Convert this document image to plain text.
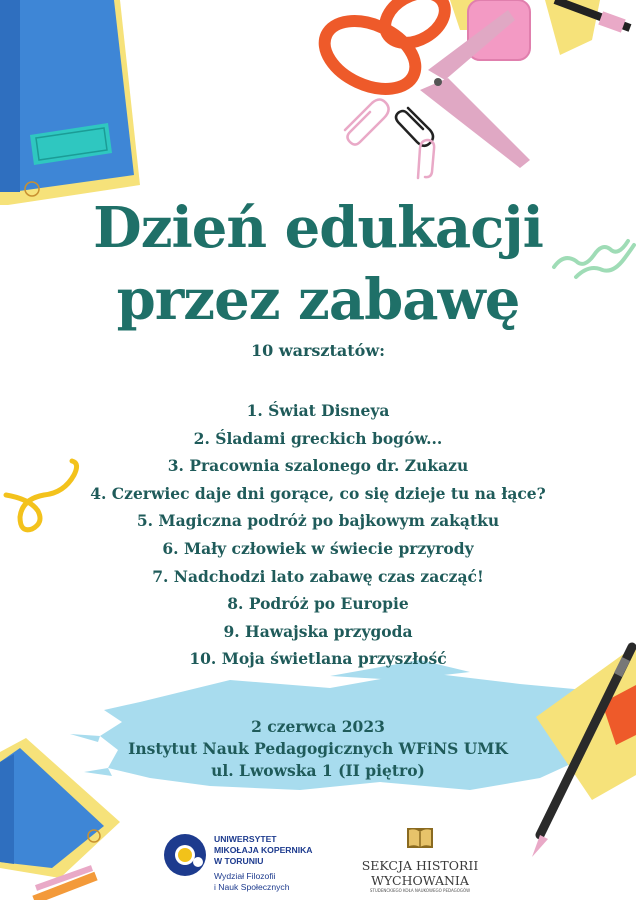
Dzień edukacji
przez zabawę
10 warsztatów:
1. Świat Disneya
2. Śladami greckich bogów...
3. Pracownia szalonego dr. Zukazu
4. Czerwiec daje dni gorące, co się dzieje tu na łące?
5. Magiczna podróż po bajkowym zakątku
6. Mały człowiek w świecie przyrody
7. Nadchodzi lato zabawę czas zacząć!
8. Podróż po Europie
9. Hawajska przygoda
10. Moja świetlana przyszłość
2 czerwca 2023
Instytut Nauk Pedagogicznych WFiNS UMK
ul. Lwowska 1 (II piętro)
UNIWERSYTET
MIKOŁAJA KOPERNIKA
W TORUNIU
Wydział Filozofii
i Nauk Społecznych
SEKCJA HISTORII
WYCHOWANIA
STUDENCKIEGO KOŁA NAUKOWEGO PEDAGOGÓW
